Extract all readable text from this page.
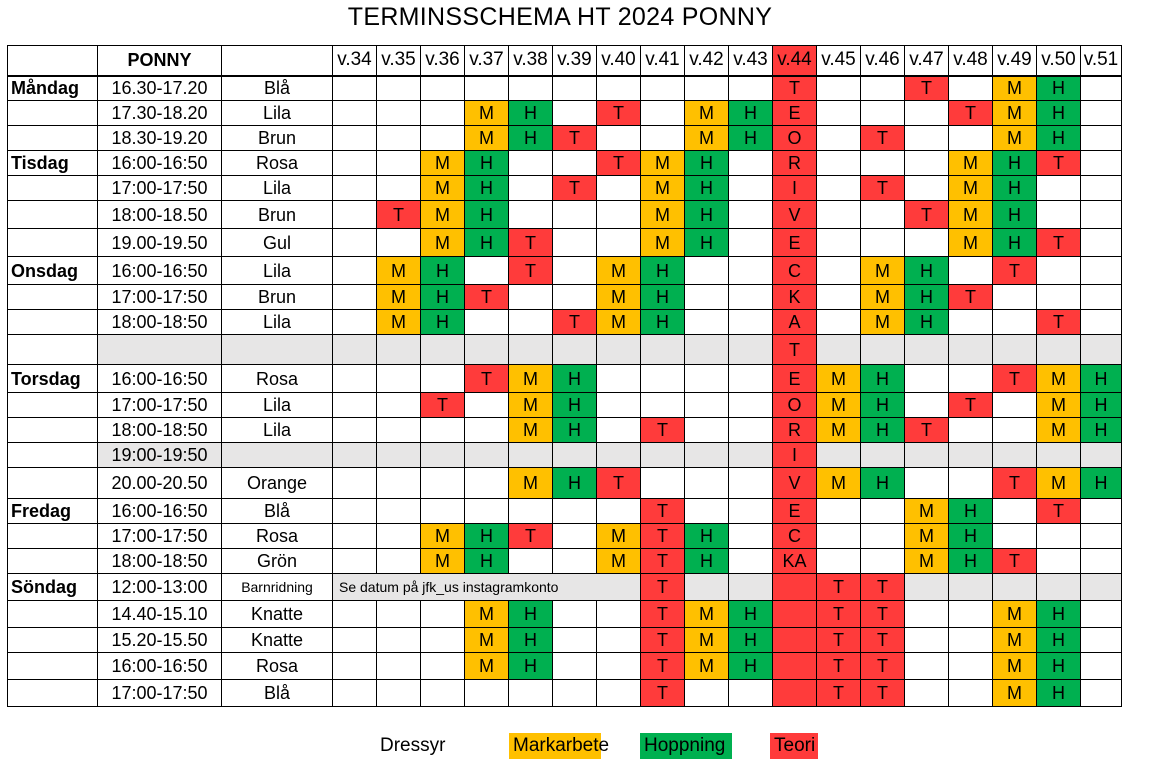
TERMINSSCHEMA HT 2024 PONNY
	PONNY		v.34	v.35	v.36	v.37	v.38	v.39	v.40	v.41	v.42	v.43	v.44	v.45	v.46	v.47	v.48	v.49	v.50	v.51
Måndag	16.30-17.20	Blå											T			T		M	H	
	17.30-18.20	Lila				M	H		T		M	H	E				T	M	H	
	18.30-19.20	Brun				M	H	T			M	H	O		T			M	H	
Tisdag	16:00-16:50	Rosa			M	H			T	M	H		R				M	H	T	
	17:00-17:50	Lila			M	H		T		M	H		I		T		M	H		
	18:00-18.50	Brun		T	M	H				M	H		V			T	M	H		
	19.00-19.50	Gul			M	H	T			M	H		E				M	H	T	
Onsdag	16:00-16:50	Lila		M	H		T		M	H			C		M	H		T		
	17:00-17:50	Brun		M	H	T			M	H			K		M	H	T			
	18:00-18:50	Lila		M	H			T	M	H			A		M	H			T	
													T							
Torsdag	16:00-16:50	Rosa				T	M	H					E	M	H			T	M	H
	17:00-17:50	Lila			T		M	H					O	M	H		T		M	H
	18:00-18:50	Lila					M	H		T			R	M	H	T			M	H
	19:00-19:50												I							
	20.00-20.50	Orange					M	H	T				V	M	H			T	M	H
Fredag	16:00-16:50	Blå								T			E			M	H		T	
	17:00-17:50	Rosa			M	H	T		M	T	H		C			M	H			
	18:00-18:50	Grön			M	H			M	T	H		KA			M	H	T		
Söndag	12:00-13:00	Barnridning	Se datum på jfk_us instagramkonto							T				T	T					
	14.40-15.10	Knatte				M	H			T	M	H		T	T			M	H	
	15.20-15.50	Knatte				M	H			T	M	H		T	T			M	H	
	16:00-16:50	Rosa				M	H			T	M	H		T	T			M	H	
	17:00-17:50	Blå								T				T	T			M	H	
Dressyr	Markarbete Hoppning	Teori
